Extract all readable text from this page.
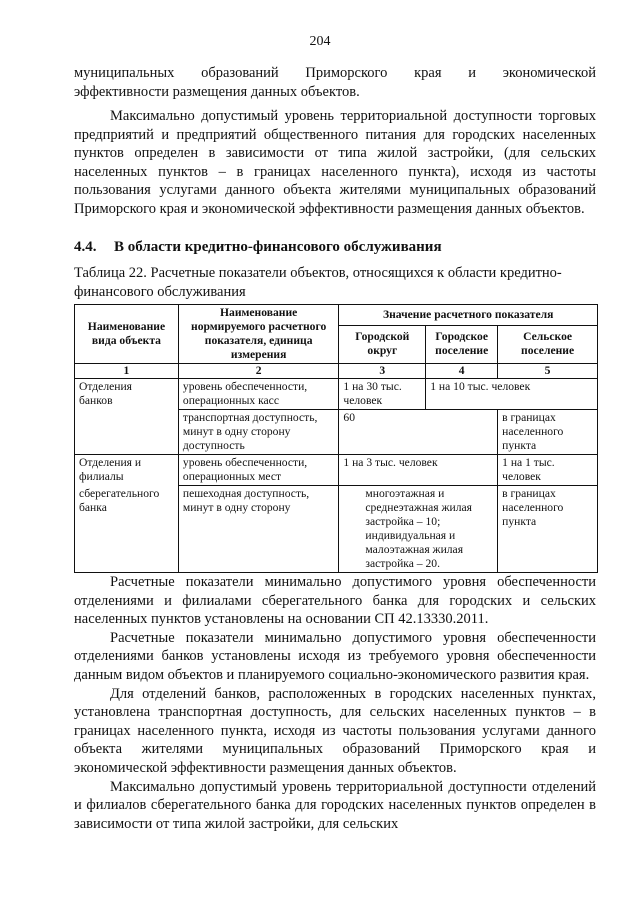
204

муниципальных образований Приморского края и экономической

эффективности размещения данных объектов.

Максимально допустимый уровень территориальной доступности торговых предприятий и предприятий общественного питания для городских населенных пунктов определен в зависимости от типа жилой застройки, (для сельских населенных пунктов – в границах населенного пункта), исходя из частоты пользования услугами данного объекта жителями муниципальных образований Приморского края и экономической эффективности размещения данных объектов.

4.4. В области кредитно-финансового обслуживания
Таблица 22. Расчетные показатели объектов, относящихся к области кредитно-финансового обслуживания
Наименование вида объекта	Наименование нормируемого расчетного показателя, единица измерения	Значение расчетного показателя		
		Городской округ	Городское поселение	Сельское поселение
1	2	3	4	5
Отделения
банков	уровень обеспеченности, операционных касс	1 на 30 тыс. человек	1 на 10 тыс. человек	
	транспортная доступность, минут в одну сторону доступность	60		в границах населенного пункта
Отделения и
филиалы	уровень обеспеченности, операционных мест	1 на 3 тыс. человек		1 на 1 тыс. человек
сберегательного
банка	пешеходная доступность, минут в одну сторону	многоэтажная и среднеэтажная жилая застройка – 10; индивидуальная и малоэтажная жилая застройка – 20.		в границах населенного пункта

Расчетные показатели минимально допустимого уровня обеспеченности отделениями и филиалами сберегательного банка для городских и сельских населенных пунктов установлены на основании СП 42.13330.2011.

Расчетные показатели минимально допустимого уровня обеспеченности отделениями банков установлены исходя из требуемого уровня обеспеченности данным видом объектов и планируемого социально-экономического развития края.

Для отделений банков, расположенных в городских населенных пунктах, установлена транспортная доступность, для сельских населенных пунктов – в границах населенного пункта, исходя из частоты пользования услугами данного объекта жителями муниципальных образований Приморского края и экономической эффективности размещения данных объектов.

Максимально допустимый уровень территориальной доступности отделений и филиалов сберегательного банка для городских населенных пунктов определен в зависимости от типа жилой застройки, для сельских
